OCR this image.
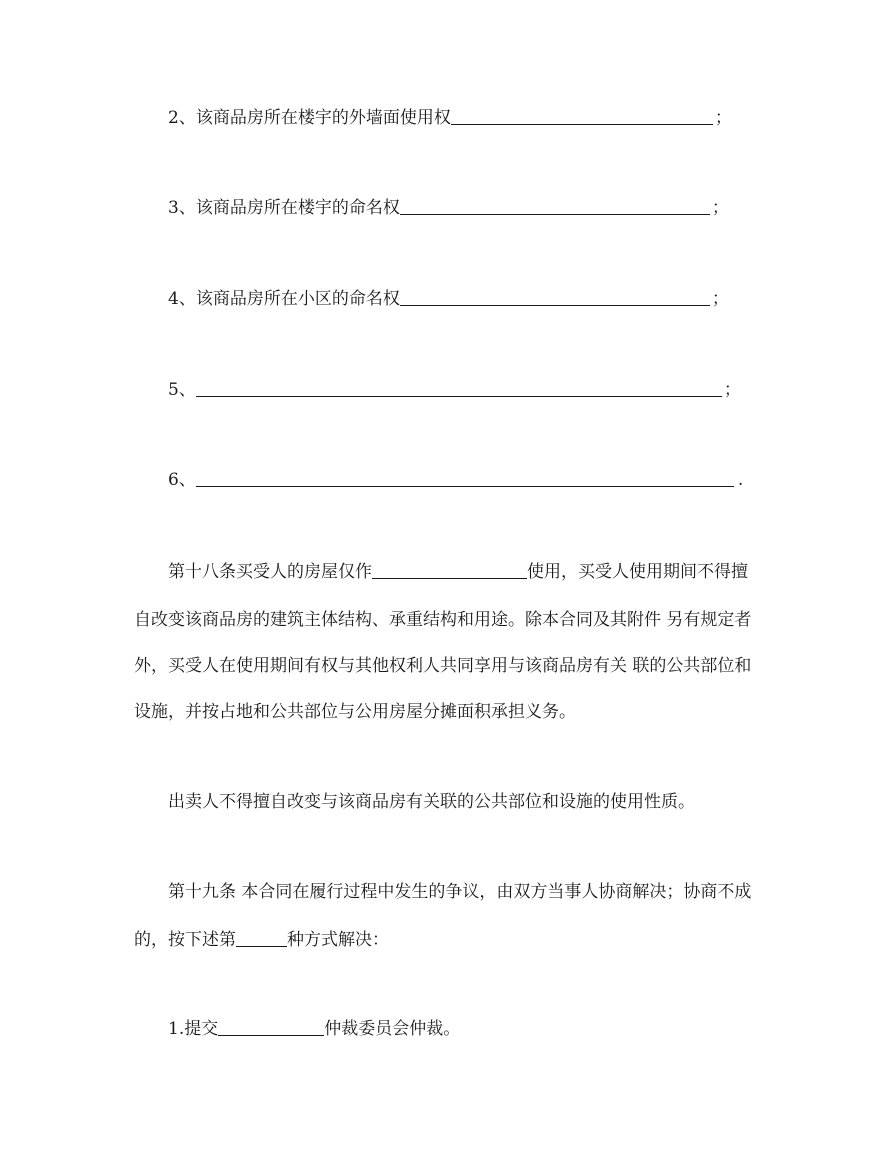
2、该商品房所在楼宇的外墙面使用权	；
3、该商品房所在楼宇的命名权	；
4、该商品房所在小区的命名权	；
5、	；
6、	.
第十八条买受人的房屋仅作	使用，买受人使用期间不得擅
自改变该商品房的建筑主体结构、承重结构和用途。除本合同及其附件 另有规定者
外，买受人在使用期间有权与其他权利人共同享用与该商品房有关 联的公共部位和
设施，并按占地和公共部位与公用房屋分摊面积承担义务。
出卖人不得擅自改变与该商品房有关联的公共部位和设施的使用性质。
第十九条 本合同在履行过程中发生的争议，由双方当事人协商解决；协商不成
的，按下述第	种方式解决：
1.提交	仲裁委员会仲裁。
